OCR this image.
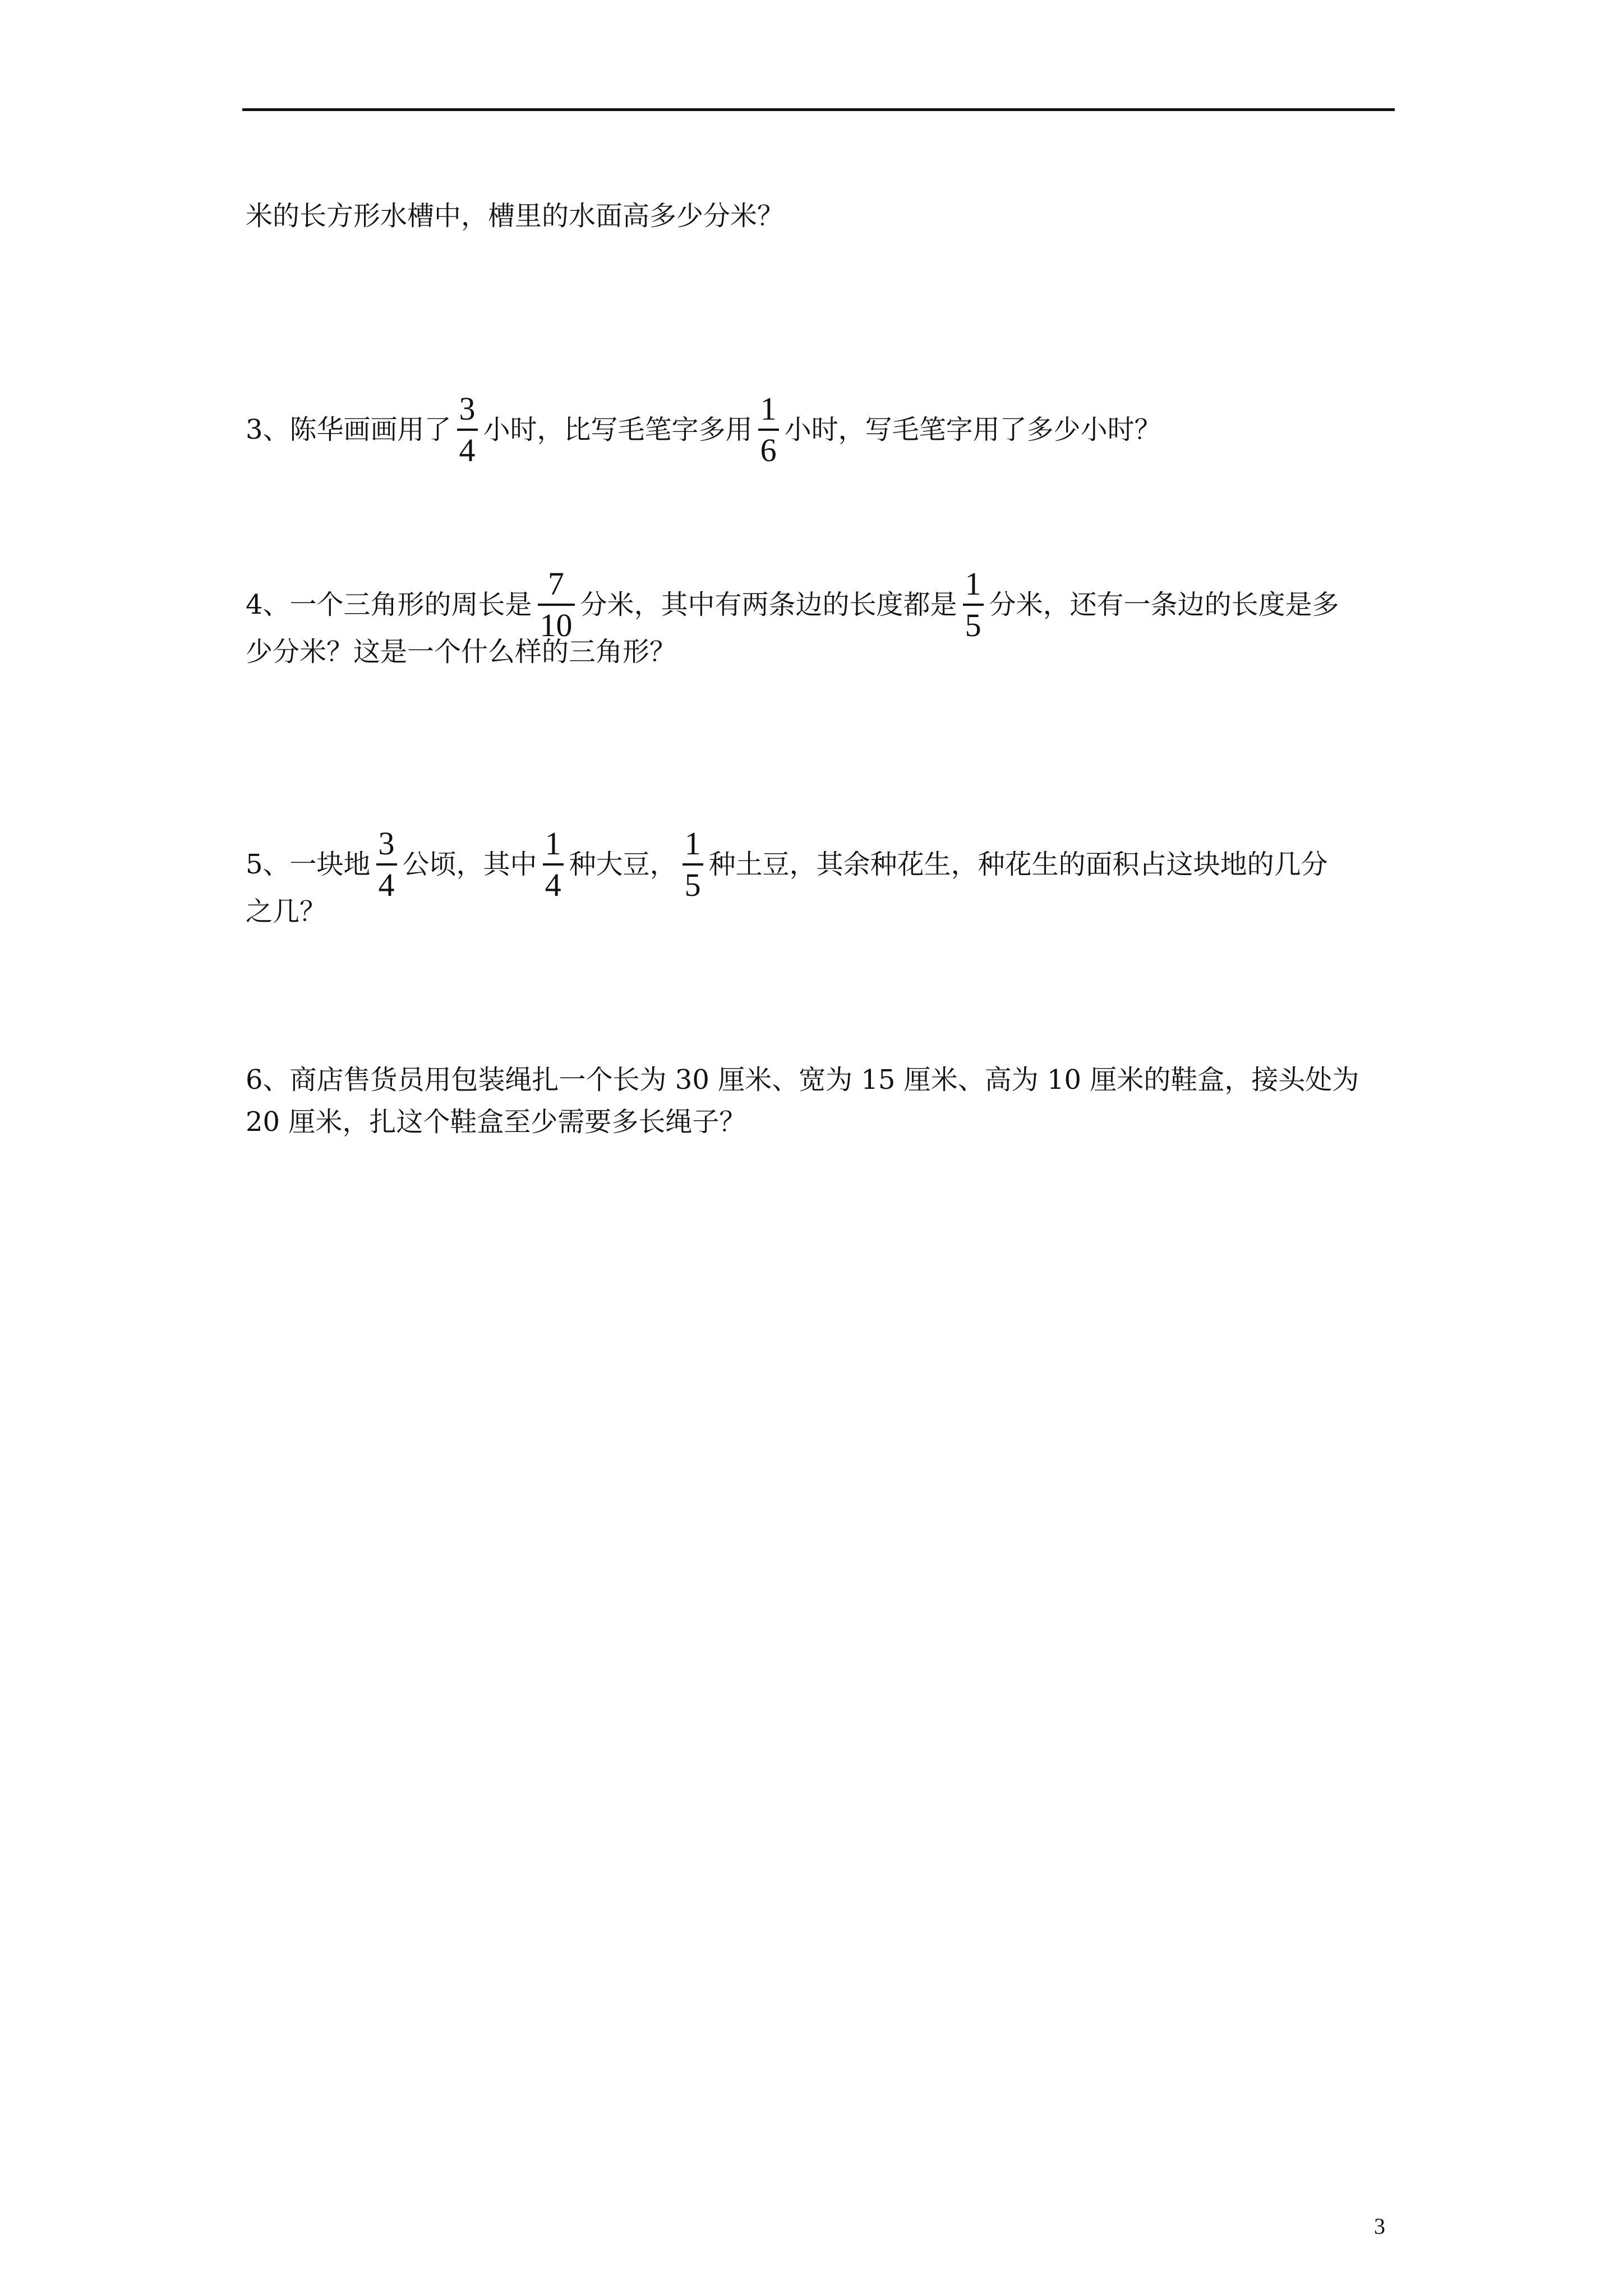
米的长方形水槽中，槽里的水面高多少分米？
3、陈华画画用了 $\frac{3}{4}$ 小时，比写毛笔字多用 $\frac{1}{6}$ 小时，写毛笔字用了多少小时？
4、一个三角形的周长是 $\frac{7}{10}$ 分米，其中有两条边的长度都是 $\frac{1}{5}$ 分米，还有一条边的长度是多
少分米？这是一个什么样的三角形？
5、一块地 $\frac{3}{4}$ 公顷，其中 $\frac{1}{4}$ 种大豆， $\frac{1}{5}$ 种土豆，其余种花生，种花生的面积占这块地的几分
之几？
6、商店售货员用包装绳扎一个长为 30 厘米、宽为 15 厘米、高为 10 厘米的鞋盒，接头处为
20 厘米，扎这个鞋盒至少需要多长绳子？
3
